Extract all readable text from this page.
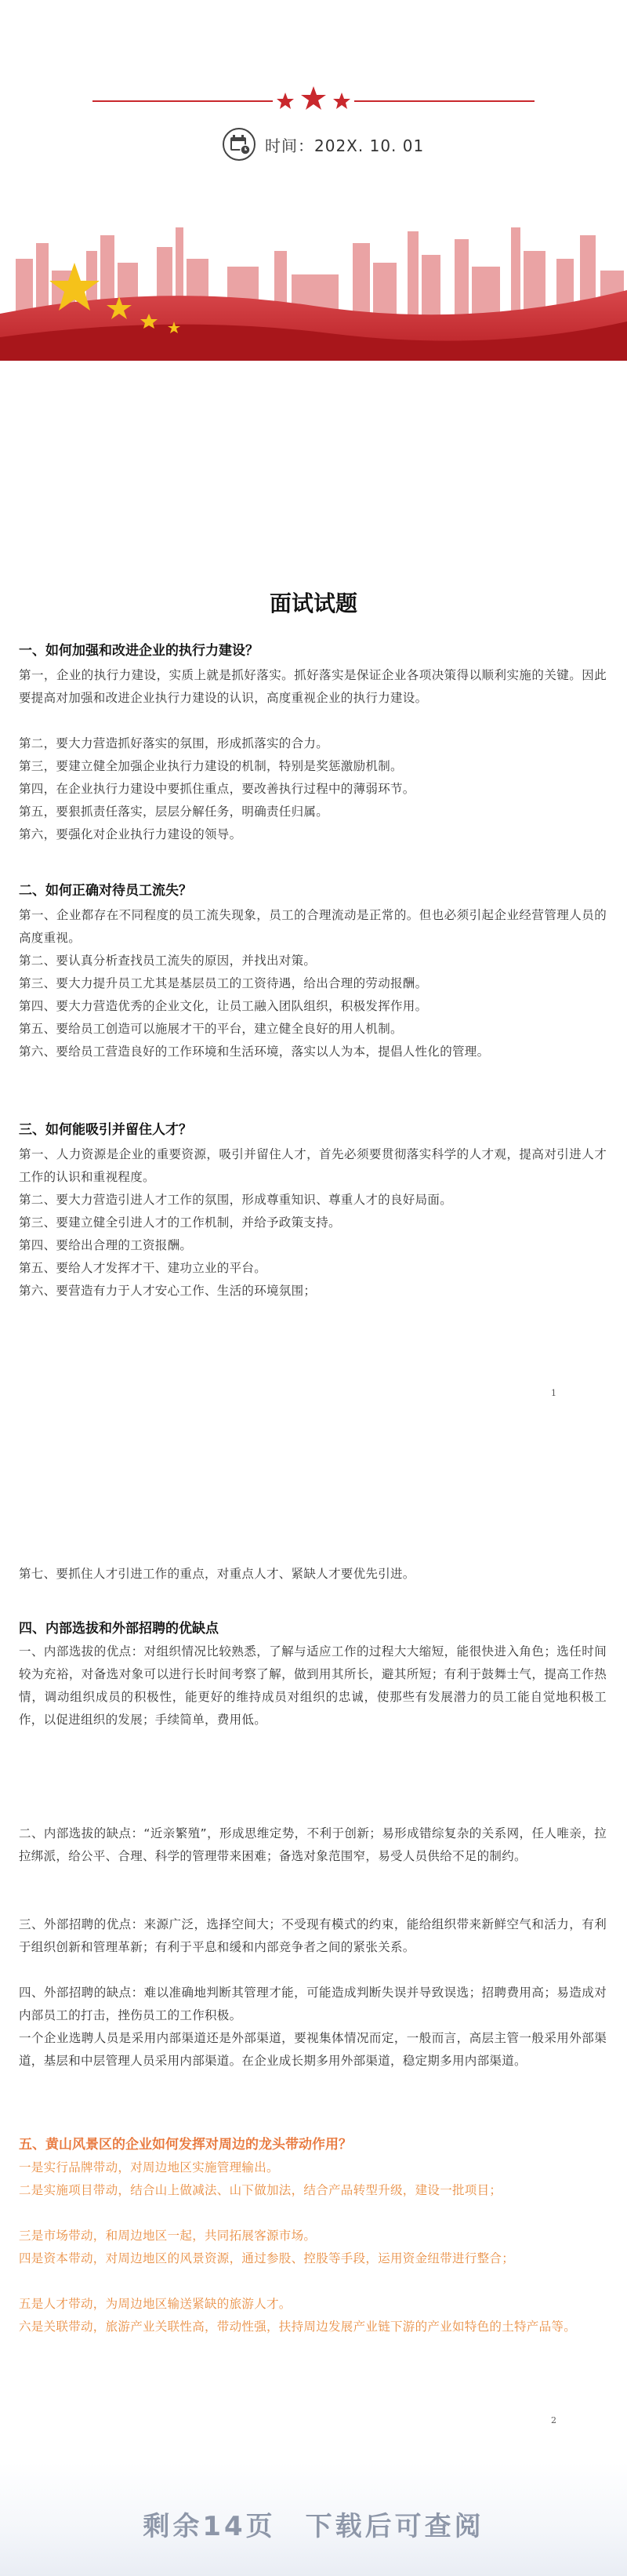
时间：202X. 10. 01
面试试题
一、如何加强和改进企业的执行力建设？
第一，企业的执行力建设，实质上就是抓好落实。抓好落实是保证企业各项决策得以顺利实施的关键。因此要提高对加强和改进企业执行力建设的认识，高度重视企业的执行力建设。
第二，要大力营造抓好落实的氛围，形成抓落实的合力。
第三，要建立健全加强企业执行力建设的机制，特别是奖惩激励机制。
第四，在企业执行力建设中要抓住重点，要改善执行过程中的薄弱环节。
第五，要狠抓责任落实，层层分解任务，明确责任归属。
第六，要强化对企业执行力建设的领导。
二、如何正确对待员工流失？
第一、企业都存在不同程度的员工流失现象，员工的合理流动是正常的。但也必须引起企业经营管理人员的高度重视。
第二、要认真分析查找员工流失的原因，并找出对策。
第三、要大力提升员工尤其是基层员工的工资待遇，给出合理的劳动报酬。
第四、要大力营造优秀的企业文化，让员工融入团队组织，积极发挥作用。
第五、要给员工创造可以施展才干的平台，建立健全良好的用人机制。
第六、要给员工营造良好的工作环境和生活环境，落实以人为本，提倡人性化的管理。
三、如何能吸引并留住人才？
第一、人力资源是企业的重要资源，吸引并留住人才，首先必须要贯彻落实科学的人才观，提高对引进人才工作的认识和重视程度。
第二、要大力营造引进人才工作的氛围，形成尊重知识、尊重人才的良好局面。
第三、要建立健全引进人才的工作机制，并给予政策支持。
第四、要给出合理的工资报酬。
第五、要给人才发挥才干、建功立业的平台。
第六、要营造有力于人才安心工作、生活的环境氛围；
1
第七、要抓住人才引进工作的重点，对重点人才、紧缺人才要优先引进。
四、内部选拔和外部招聘的优缺点
一、内部选拔的优点：对组织情况比较熟悉，了解与适应工作的过程大大缩短，能很快进入角色；选任时间较为充裕，对备选对象可以进行长时间考察了解，做到用其所长，避其所短；有利于鼓舞士气，提高工作热情，调动组织成员的积极性，能更好的维持成员对组织的忠诚，使那些有发展潜力的员工能自觉地积极工作，以促进组织的发展；手续简单，费用低。
二、内部选拔的缺点：“近亲繁殖”，形成思维定势，不利于创新；易形成错综复杂的关系网，任人唯亲，拉拉绑派，给公平、合理、科学的管理带来困难；备选对象范围窄，易受人员供给不足的制约。
三、外部招聘的优点：来源广泛，选择空间大；不受现有模式的约束，能给组织带来新鲜空气和活力，有利于组织创新和管理革新；有利于平息和缓和内部竞争者之间的紧张关系。
四、外部招聘的缺点：难以准确地判断其管理才能，可能造成判断失误并导致误选；招聘费用高；易造成对内部员工的打击，挫伤员工的工作积极。
一个企业选聘人员是采用内部渠道还是外部渠道，要视集体情况而定，一般而言，高层主管一般采用外部渠道，基层和中层管理人员采用内部渠道。在企业成长期多用外部渠道，稳定期多用内部渠道。
五、黄山风景区的企业如何发挥对周边的龙头带动作用？
一是实行品牌带动，对周边地区实施管理输出。
二是实施项目带动，结合山上做减法、山下做加法，结合产品转型升级，建设一批项目；
三是市场带动，和周边地区一起，共同拓展客源市场。
四是资本带动，对周边地区的风景资源，通过参股、控股等手段，运用资金纽带进行整合；
五是人才带动，为周边地区输送紧缺的旅游人才。
六是关联带动，旅游产业关联性高，带动性强，扶持周边发展产业链下游的产业如特色的土特产品等。
2
剩余14页　下载后可查阅
